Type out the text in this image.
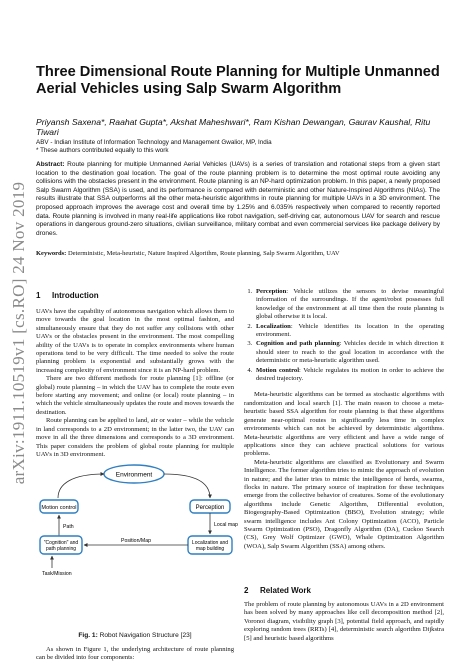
arXiv:1911.10519v1 [cs.RO] 24 Nov 2019
Three Dimensional Route Planning for Multiple Unmanned Aerial Vehicles using Salp Swarm Algorithm
Priyansh Saxena*, Raahat Gupta*, Akshat Maheshwari*, Ram Kishan Dewangan, Gaurav Kaushal, Ritu Tiwari
ABV - Indian Institute of Information Technology and Management Gwalior, MP, India
* These authors contributed equally to this work
Abstract: Route planning for multiple Unmanned Aerial Vehicles (UAVs) is a series of translation and rotational steps from a given start location to the destination goal location. The goal of the route planning problem is to determine the most optimal route avoiding any collisions with the obstacles present in the environment. Route planning is an NP-hard optimization problem. In this paper, a newly proposed Salp Swarm Algorithm (SSA) is used, and its performance is compared with deterministic and other Nature-Inspired Algorithms (NIAs). The results illustrate that SSA outperforms all the other meta-heuristic algorithms in route planning for multiple UAVs in a 3D environment. The proposed approach improves the average cost and overall time by 1.25% and 6.035% respectively when compared to recently reported data. Route planning is involved in many real-life applications like robot navigation, self-driving car, autonomous UAV for search and rescue operations in dangerous ground-zero situations, civilian surveillance, military combat and even commercial services like package delivery by drones.
Keywords: Deterministic, Meta-heuristic, Nature Inspired Algorithm, Route planning, Salp Swarm Algorithm, UAV
1 Introduction

UAVs have the capability of autonomous navigation which allows them to move towards the goal location in the most optimal fashion, and simultaneously ensure that they do not suffer any collisions with other UAVs or the obstacles present in the environment. The most compelling ability of the UAVs is to operate in complex environments where human operations tend to be very difficult. The time needed to solve the route planning problem is exponential and substantially grows with the increasing complexity of environment since it is an NP-hard problem.

There are two different methods for route planning [1]: offline (or global) route planning – in which the UAV has to complete the route even before starting any movement; and online (or local) route planning – in which the vehicle simultaneously updates the route and moves towards the destination.

Route planning can be applied to land, air or water – while the vehicle in land corresponds to a 2D environment; in the latter two, the UAV can move in all the three dimensions and corresponds to a 3D environment. This paper considers the problem of global route planning for multiple UAVs in 3D environment.

Environment
Motion control	Perception
Path	Local map
"Cognition" and path planning
Localization and map building
Position/Map
Task/Mission
Fig. 1: Robot Navigation Structure [23]

As shown in Figure 1, the underlying architecture of route planning can be divided into four components:

1. Perception: Vehicle utilizes the sensors to devise meaningful information of the surroundings. If the agent/robot possesses full knowledge of the environment at all time then the route planning is global otherwise it is local.
2. Localization: Vehicle identifies its location in the operating environment.
3. Cognition and path planning: Vehicles decide in which direction it should steer to reach to the goal location in accordance with the deterministic or meta-heuristic algorithm used.
4. Motion control: Vehicle regulates its motion in order to achieve the desired trajectory.

Meta-heuristic algorithms can be termed as stochastic algorithms with randomization and local search [1]. The main reason to choose a meta-heuristic based SSA algorithm for route planning is that these algorithms generate near-optimal routes in significantly less time in complex environments which can not be achieved by deterministic algorithms. Meta-heuristic algorithms are very efficient and have a wide range of applications since they can achieve practical solutions for various problems.

Meta-heuristic algorithms are classified as Evolutionary and Swarm Intelligence. The former algorithm tries to mimic the approach of evolution in nature; and the latter tries to mimic the intelligence of herds, swarms, flocks in nature. The primary source of inspiration for these techniques emerge from the collective behavior of creatures. Some of the evolutionary algorithms include Genetic Algorithm, Differential evolution, Biogeography-Based Optimization (BBO), Evolution strategy; while swarm intelligence includes Ant Colony Optimization (ACO), Particle Swarm Optimization (PSO), Dragonfly Algorithm (DA), Cuckoo Search (CS), Grey Wolf Optimizer (GWO), Whale Optimization Algorithm (WOA), Salp Swarm Algorithm (SSA) among others.

2 Related Work

The problem of route planning by autonomous UAVs in a 2D environment has been solved by many approaches like cell decomposition method [2], Voronoi diagram, visibility graph [3], potential field approach, and rapidly exploring random trees (RRTs) [4], deterministic search algorithm Dijkstra [5] and heuristic based algorithms
